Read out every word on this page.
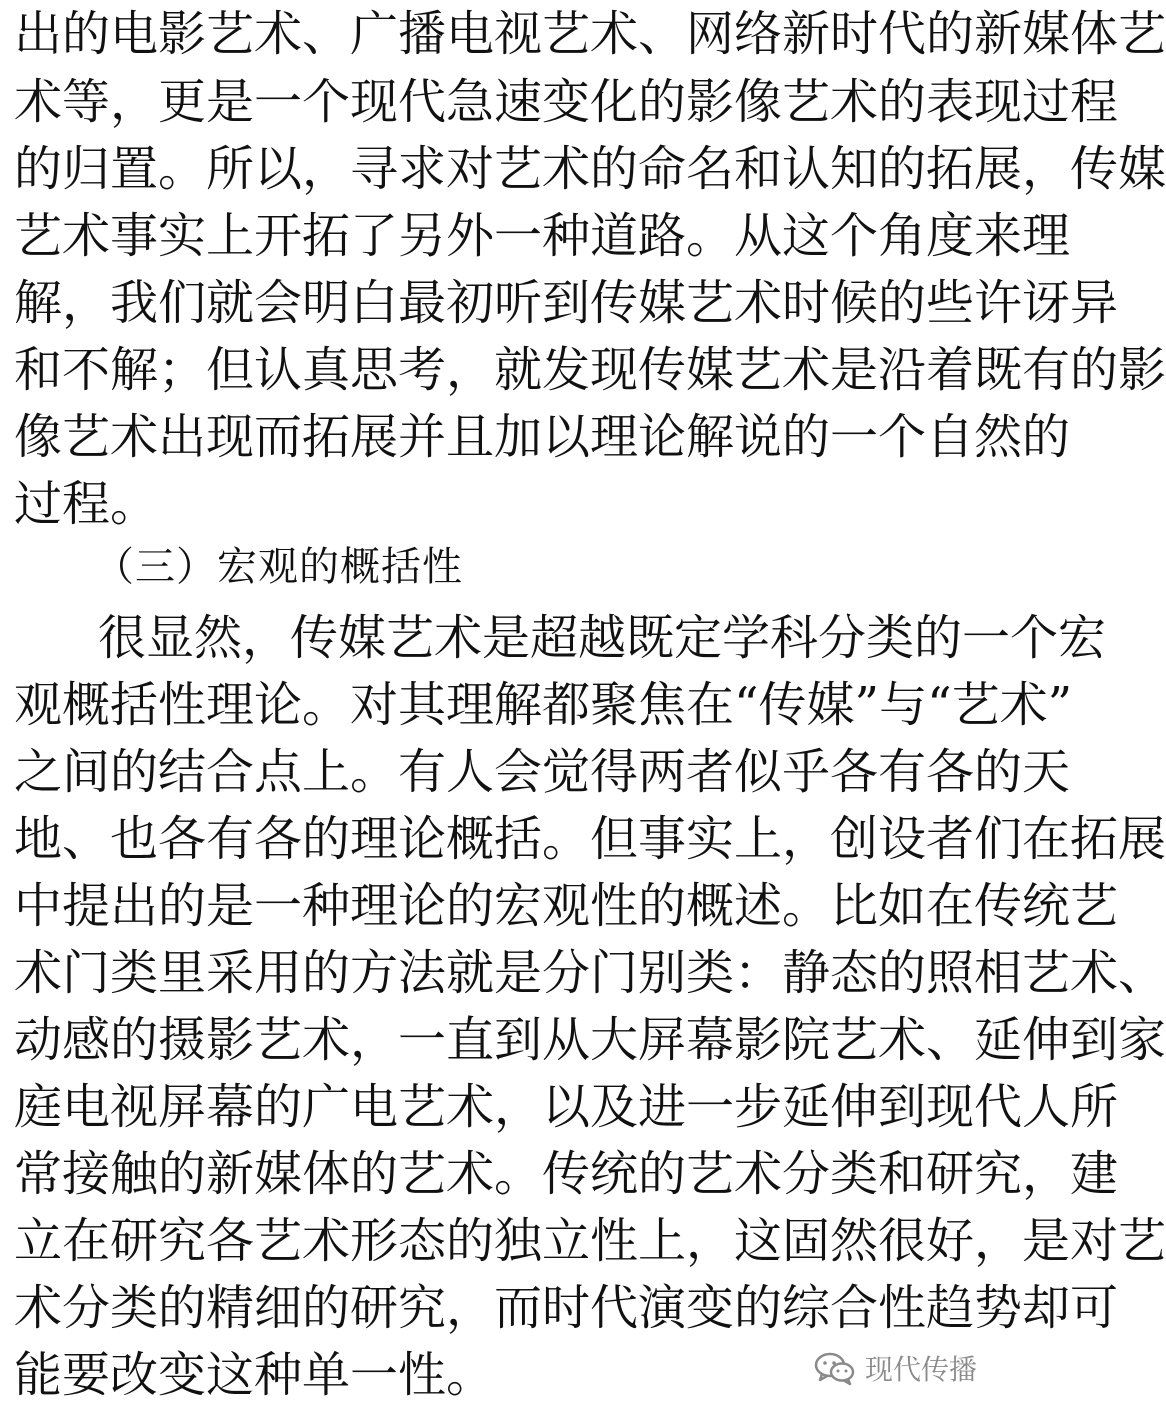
出的电影艺术、广播电视艺术、网络新时代的新媒体艺
术等，更是一个现代急速变化的影像艺术的表现过程
的归置。所以，寻求对艺术的命名和认知的拓展，传媒
艺术事实上开拓了另外一种道路。从这个角度来理
解，我们就会明白最初听到传媒艺术时候的些许讶异
和不解；但认真思考，就发现传媒艺术是沿着既有的影
像艺术出现而拓展并且加以理论解说的一个自然的
过程。
（三）宏观的概括性
很显然，传媒艺术是超越既定学科分类的一个宏
观概括性理论。对其理解都聚焦在“传媒”与“艺术”
之间的结合点上。有人会觉得两者似乎各有各的天
地、也各有各的理论概括。但事实上，创设者们在拓展
中提出的是一种理论的宏观性的概述。比如在传统艺
术门类里采用的方法就是分门别类：静态的照相艺术、
动感的摄影艺术，一直到从大屏幕影院艺术、延伸到家
庭电视屏幕的广电艺术，以及进一步延伸到现代人所
常接触的新媒体的艺术。传统的艺术分类和研究，建
立在研究各艺术形态的独立性上，这固然很好，是对艺
术分类的精细的研究，而时代演变的综合性趋势却可
能要改变这种单一性。	现代传播
